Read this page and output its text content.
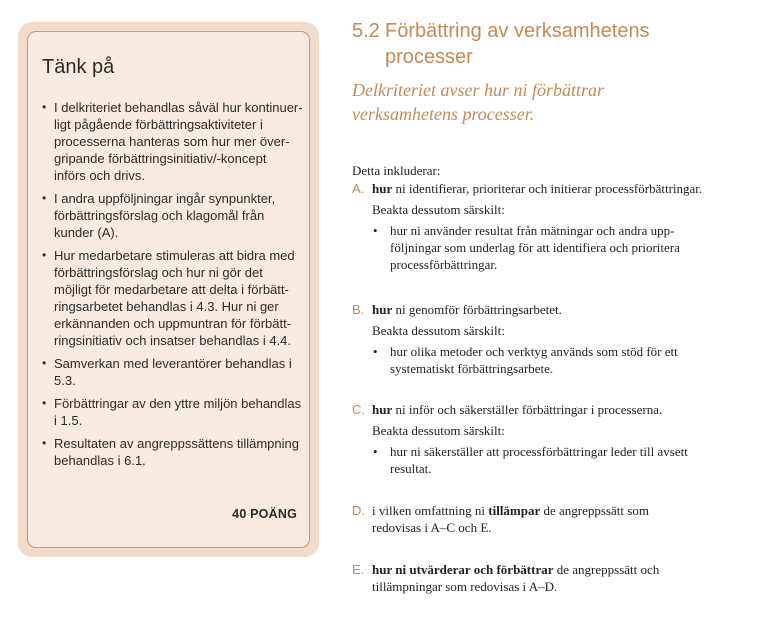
Tänk på
• I delkriteriet behandlas såväl hur kontinuer-
ligt pågående förbättringsaktiviteter i
processerna hanteras som hur mer över-
gripande förbättringsinitiativ/-koncept
införs och drivs.
• I andra uppföljningar ingår synpunkter,
förbättringsförslag och klagomål från
kunder (A).
• Hur medarbetare stimuleras att bidra med
förbättringsförslag och hur ni gör det
möjligt för medarbetare att delta i förbätt-
ringsarbetet behandlas i 4.3. Hur ni ger
erkännanden och uppmuntran för förbätt-
ringsinitiativ och insatser behandlas i 4.4.
• Samverkan med leverantörer behandlas i
5.3.
• Förbättringar av den yttre miljön behandlas
i 1.5.
• Resultaten av angreppssättens tillämpning
behandlas i 6.1.
40 POÄNG
5.2 Förbättring av verksamhetens
processer
Delkriteriet avser hur ni förbättrar
verksamhetens processer.
Detta inkluderar:
A. hur ni identifierar, prioriterar och initierar processförbättringar.
Beakta dessutom särskilt:
• hur ni använder resultat från mätningar och andra upp-
följningar som underlag för att identifiera och prioritera
processförbättringar.
B. hur ni genomför förbättringsarbetet.
Beakta dessutom särskilt:
• hur olika metoder och verktyg används som stöd för ett
systematiskt förbättringsarbete.
C. hur ni inför och säkerställer förbättringar i processerna.
Beakta dessutom särskilt:
• hur ni säkerställer att processförbättringar leder till avsett
resultat.
D. i vilken omfattning ni tillämpar de angreppssätt som
redovisas i A–C och E.
E. hur ni utvärderar och förbättrar de angreppssätt och
tillämpningar som redovisas i A–D.
